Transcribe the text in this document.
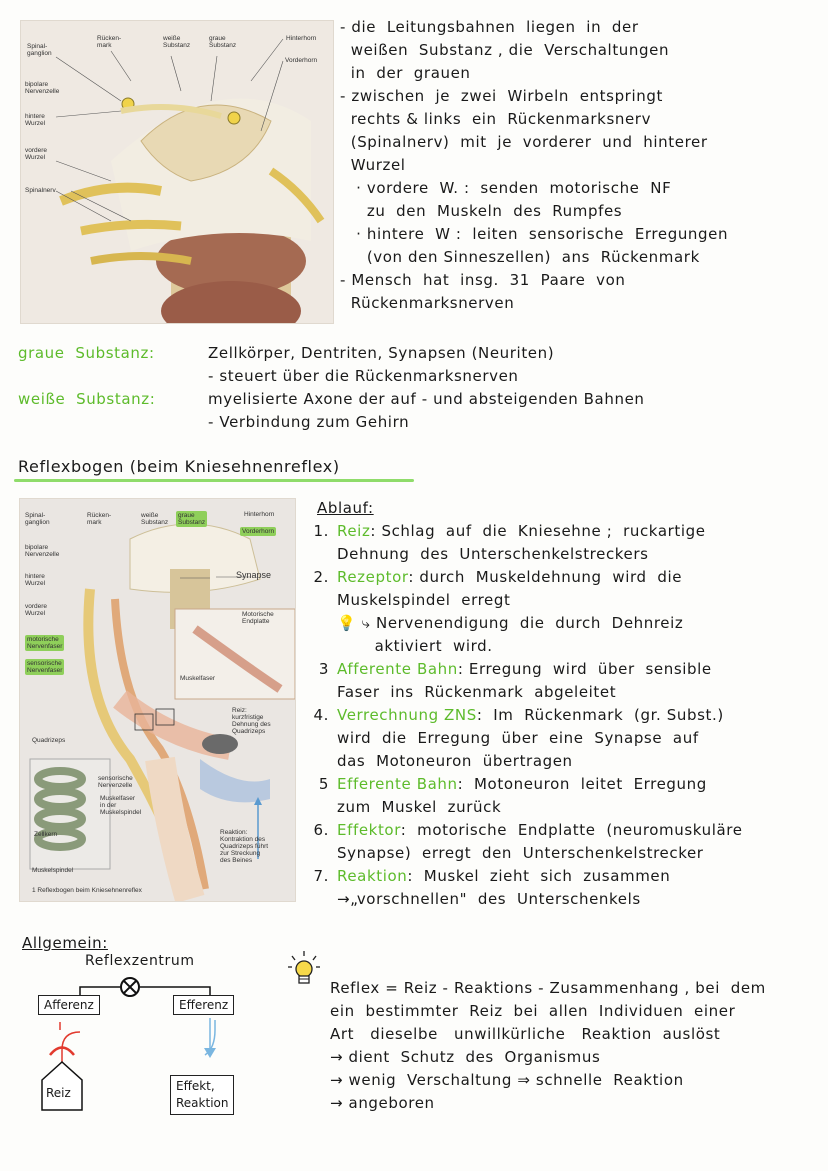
Spinal-
ganglion
Rücken-
mark
weiße
Substanz
graue
Substanz
Hinterhorn
Vorderhorn
bipolare
Nervenzelle
hintere
Wurzel
vordere
Wurzel
Spinalnerv
- die  Leitungsbahnen  liegen  in  der
weißen  Substanz , die  Verschaltungen
in  der  grauen
- zwischen  je  zwei  Wirbeln  entspringt
rechts & links  ein  Rückenmarksnerv
(Spinalnerv)  mit  je  vorderer  und  hinterer
Wurzel
· vordere  W. :  senden  motorische  NF
zu  den  Muskeln  des  Rumpfes
· hintere  W :  leiten  sensorische  Erregungen
(von den Sinneszellen)  ans  Rückenmark
- Mensch  hat  insg.  31  Paare  von
Rückenmarksnerven
graue  Substanz:	Zellkörper, Dentriten, Synapsen (Neuriten)
- steuert über die Rückenmarksnerven
weiße  Substanz:	myelisierte Axone der auf - und absteigenden Bahnen
- Verbindung zum Gehirn
Reflexbogen (beim Kniesehnenreflex)
Spinal-
ganglion
Rücken-
mark
weiße
Substanz
graue
Substanz
Hinterhorn
Vorderhorn
bipolare
Nervenzelle
hintere
Wurzel
vordere
Wurzel
motorische
Nervenfaser
sensorische
Nervenfaser
Synapse
Motorische
Endplatte
Muskelfaser
Reiz:
kurzfristige
Dehnung des
Quadrizeps
Quadrizeps
sensorische
Nervenzelle
Muskelfaser
in der
Muskelspindel
Zellkern
Muskelspindel
Reaktion:
Kontraktion des
Quadrizeps führt
zur Streckung
des Beines
1 Reflexbogen beim Kniesehnenreflex
Ablauf:
1. Reiz: Schlag  auf  die  Kniesehne ;  ruckartige
Dehnung  des  Unterschenkelstreckers
2. Rezeptor: durch  Muskeldehnung  wird  die
Muskelspindel  erregt
💡 ⤷ Nervenendigung  die  durch  Dehnreiz
aktiviert  wird.
3 Afferente Bahn: Erregung  wird  über  sensible
Faser  ins  Rückenmark  abgeleitet
4. Verrechnung ZNS:  Im  Rückenmark  (gr. Subst.)
wird  die  Erregung  über  eine  Synapse  auf
das  Motoneuron  übertragen
5 Efferente Bahn:  Motoneuron  leitet  Erregung
zum  Muskel  zurück
6. Effektor:  motorische  Endplatte  (neuromuskuläre
Synapse)  erregt  den  Unterschenkelstrecker
7. Reaktion:  Muskel  zieht  sich  zusammen
→„vorschnellen"  des  Unterschenkels
Allgemein:
Reflexzentrum
Afferenz	Efferenz
Reiz	Effekt,
Reaktion
Reflex = Reiz - Reaktions - Zusammenhang , bei  dem
ein  bestimmter  Reiz  bei  allen  Individuen  einer
Art   dieselbe   unwillkürliche   Reaktion  auslöst
→ dient  Schutz  des  Organismus
→ wenig  Verschaltung ⇒ schnelle  Reaktion
→ angeboren
